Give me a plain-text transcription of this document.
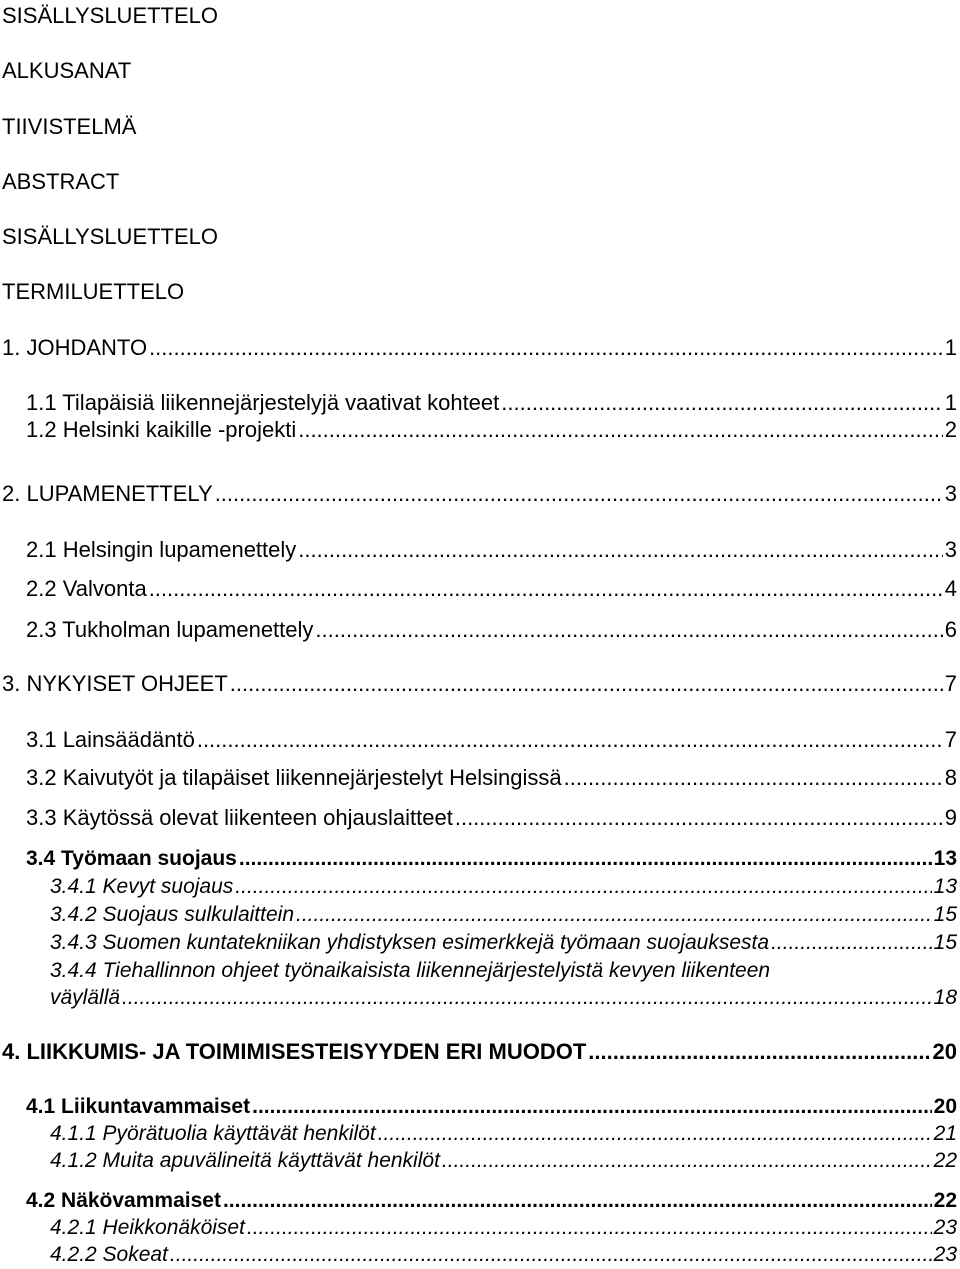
SISÄLLYSLUETTELO
ALKUSANAT
TIIVISTELMÄ
ABSTRACT
SISÄLLYSLUETTELO
TERMILUETTELO
1. JOHDANTO .....	1
1.1 Tilapäisiä liikennejärjestelyjä vaativat kohteet .....	1
1.2 Helsinki kaikille -projekti .....	2
2. LUPAMENETTELY .....	3
2.1 Helsingin lupamenettely .....	3
2.2 Valvonta .....	4
2.3 Tukholman lupamenettely .....	6
3. NYKYISET OHJEET .....	7
3.1 Lainsäädäntö .....	7
3.2 Kaivutyöt ja tilapäiset liikennejärjestelyt Helsingissä .....	8
3.3 Käytössä olevat liikenteen ohjauslaitteet .....	9
3.4 Työmaan suojaus .....	13
3.4.1 Kevyt suojaus .....	13
3.4.2 Suojaus sulkulaittein .....	15
3.4.3 Suomen kuntatekniikan yhdistyksen esimerkkejä työmaan suojauksesta .....	15
3.4.4 Tiehallinnon ohjeet työnaikaisista liikennejärjestelyistä kevyen liikenteen
väylällä .....	18
4. LIIKKUMIS- JA TOIMIMISESTEISYYDEN ERI MUODOT .....	20
4.1 Liikuntavammaiset .....	20
4.1.1 Pyörätuolia käyttävät henkilöt .....	21
4.1.2 Muita apuvälineitä käyttävät henkilöt .....	22
4.2 Näkövammaiset .....	22
4.2.1 Heikkonäköiset .....	23
4.2.2 Sokeat .....	23
